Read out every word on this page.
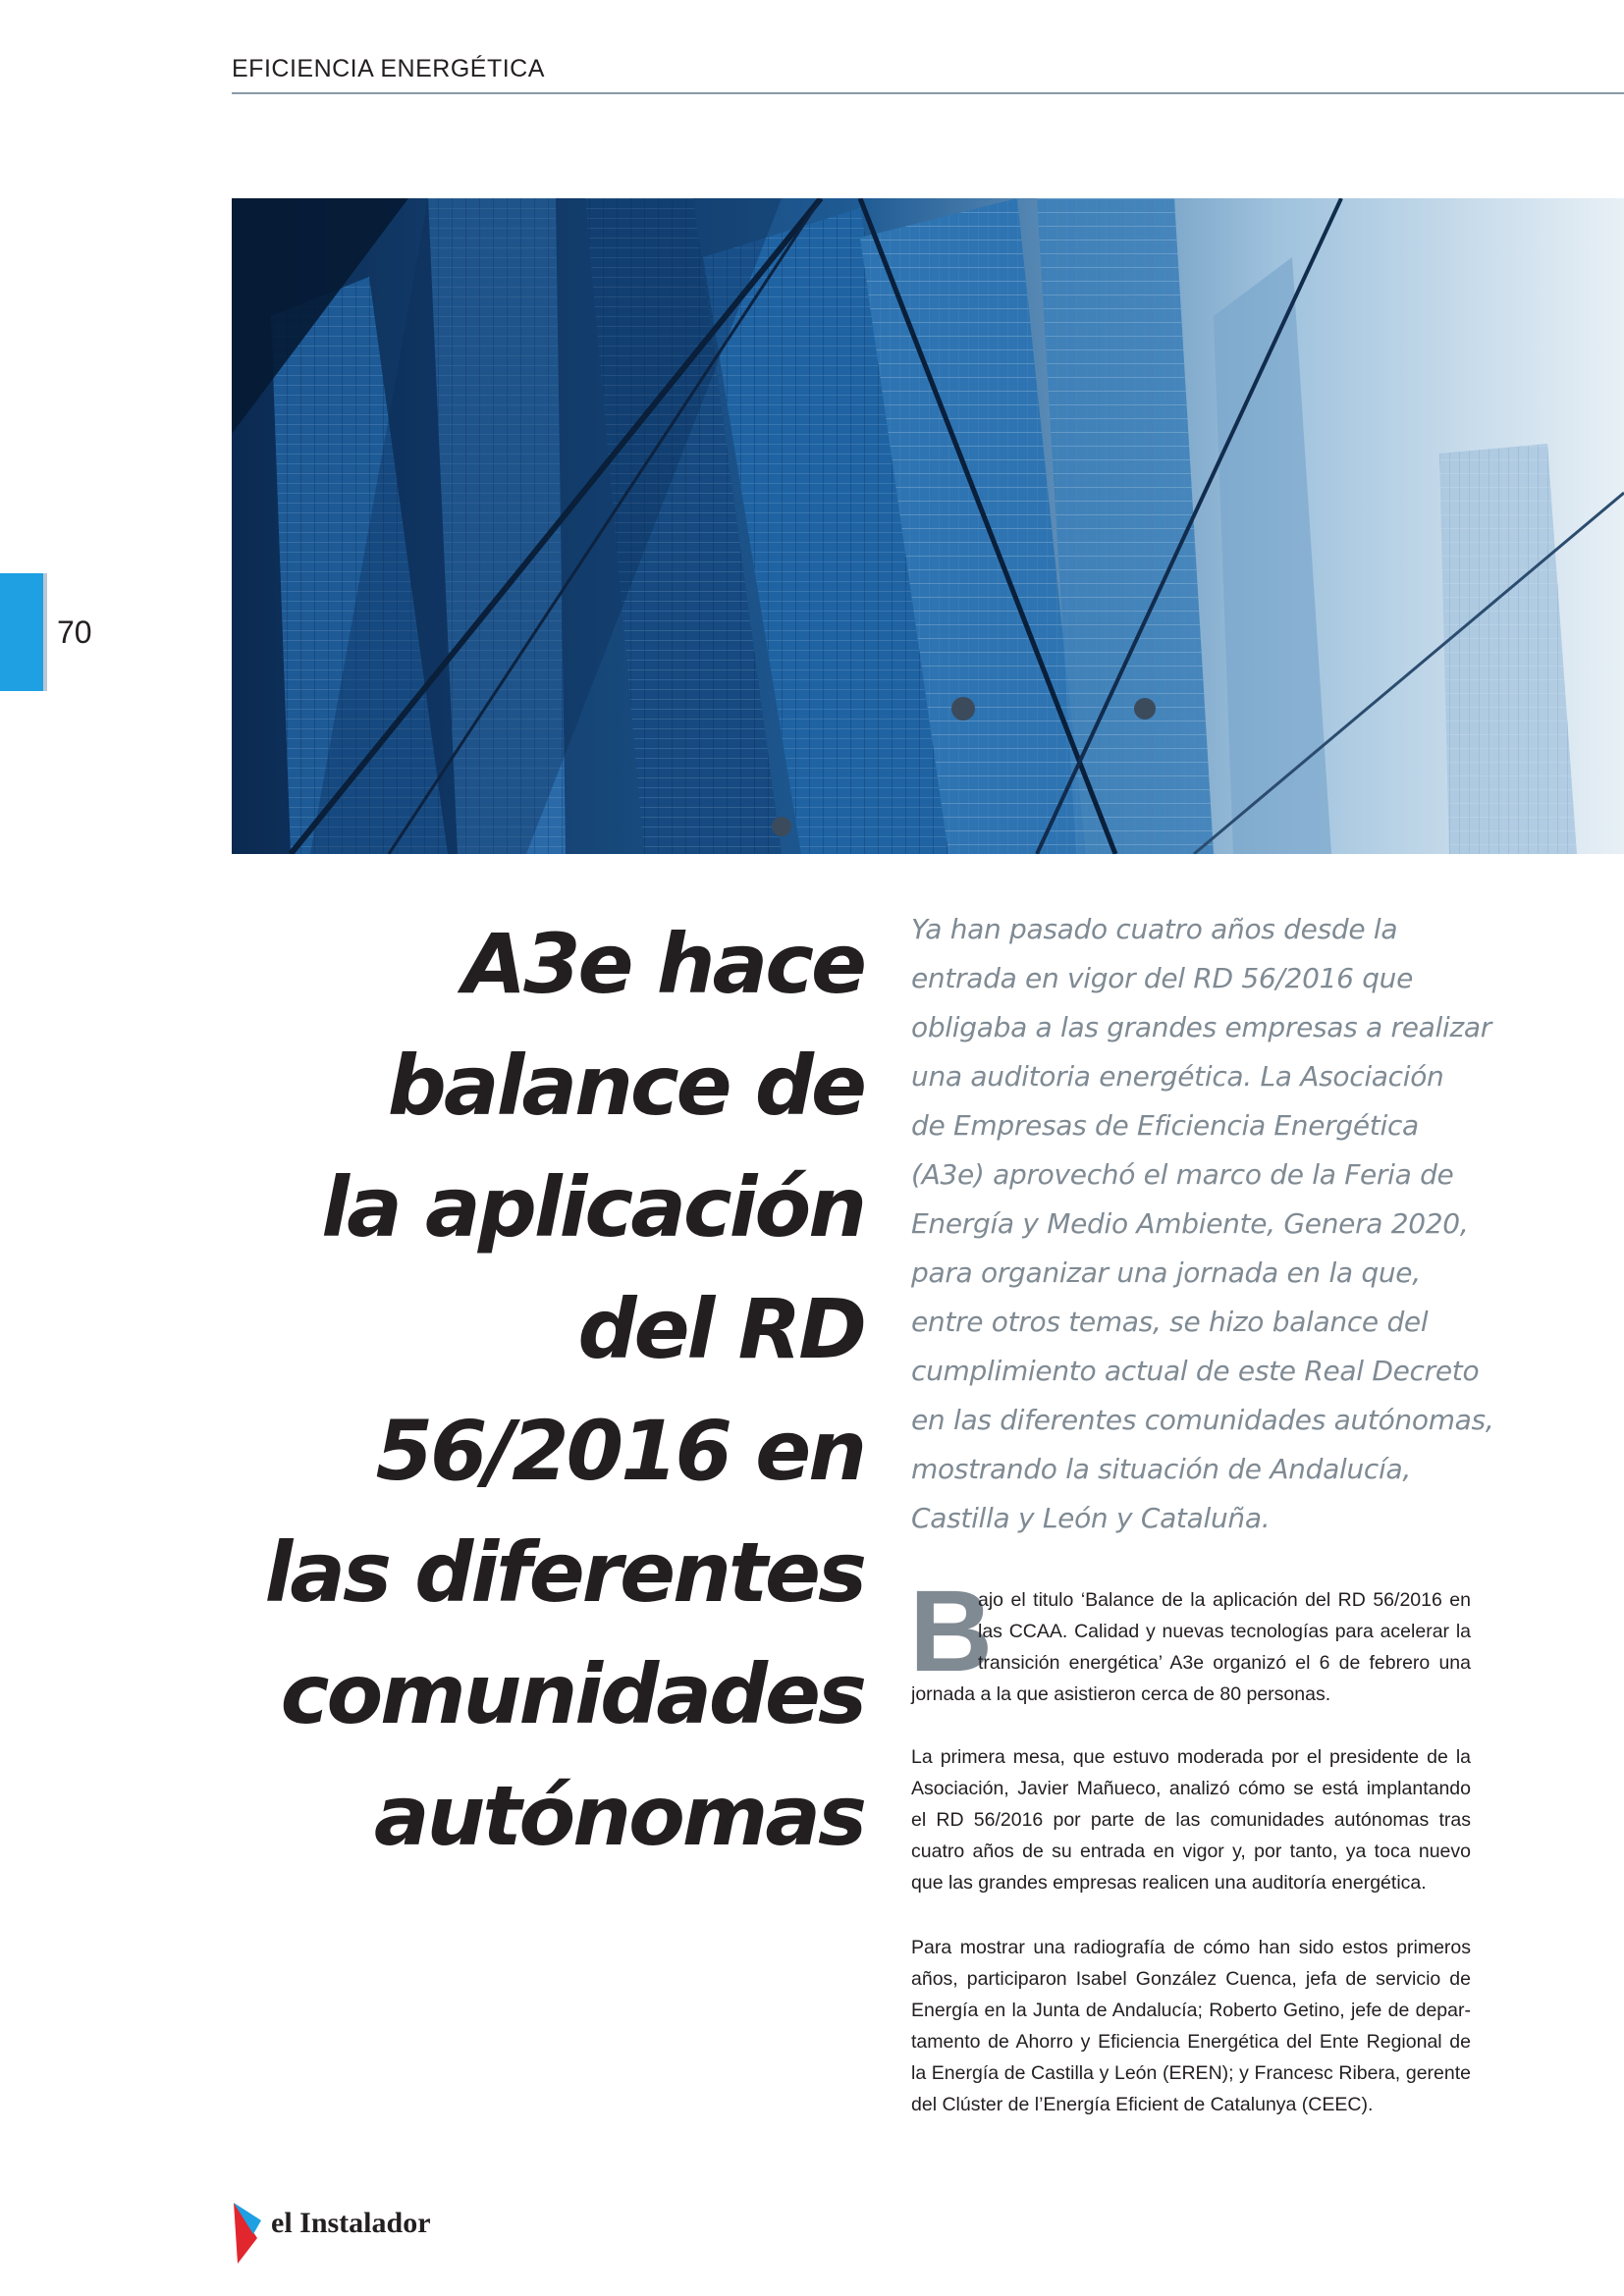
EFICIENCIA ENERGÉTICA
70
A3e hace
balance de
la aplicación
del RD
56/2016 en
las diferentes
comunidades
autónomas

Ya han pasado cuatro años desde la
entrada en vigor del RD 56/2016 que
obligaba a las grandes empresas a realizar
una auditoria energética. La Asociación
de Empresas de Eficiencia Energética
(A3e) aprovechó el marco de la Feria de
Energía y Medio Ambiente, Genera 2020,
para organizar una jornada en la que,
entre otros temas, se hizo balance del
cumplimiento actual de este Real Decreto
en las diferentes comunidades autónomas,
mostrando la situación de Andalucía,
Castilla y León y Cataluña.

B

ajo el titulo ‘Balance de la aplicación del RD 56/2016 en
las CCAA. Calidad y nuevas tecnologías para acelerar la
transición energética’ A3e organizó el 6 de febrero una
jornada a la que asistieron cerca de 80 personas.

La primera mesa, que estuvo moderada por el presidente de la
Asociación, Javier Mañueco, analizó cómo se está implantando
el RD 56/2016 por parte de las comunidades autónomas tras
cuatro años de su entrada en vigor y, por tanto, ya toca nuevo
que las grandes empresas realicen una auditoría energética.

Para mostrar una radiografía de cómo han sido estos primeros
años, participaron Isabel González Cuenca, jefa de servicio de
Energía en la Junta de Andalucía; Roberto Getino, jefe de depar-
tamento de Ahorro y Eficiencia Energética del Ente Regional de
la Energía de Castilla y León (EREN); y Francesc Ribera, gerente
del Clúster de l’Energía Eficient de Catalunya (CEEC).

el Instalador
